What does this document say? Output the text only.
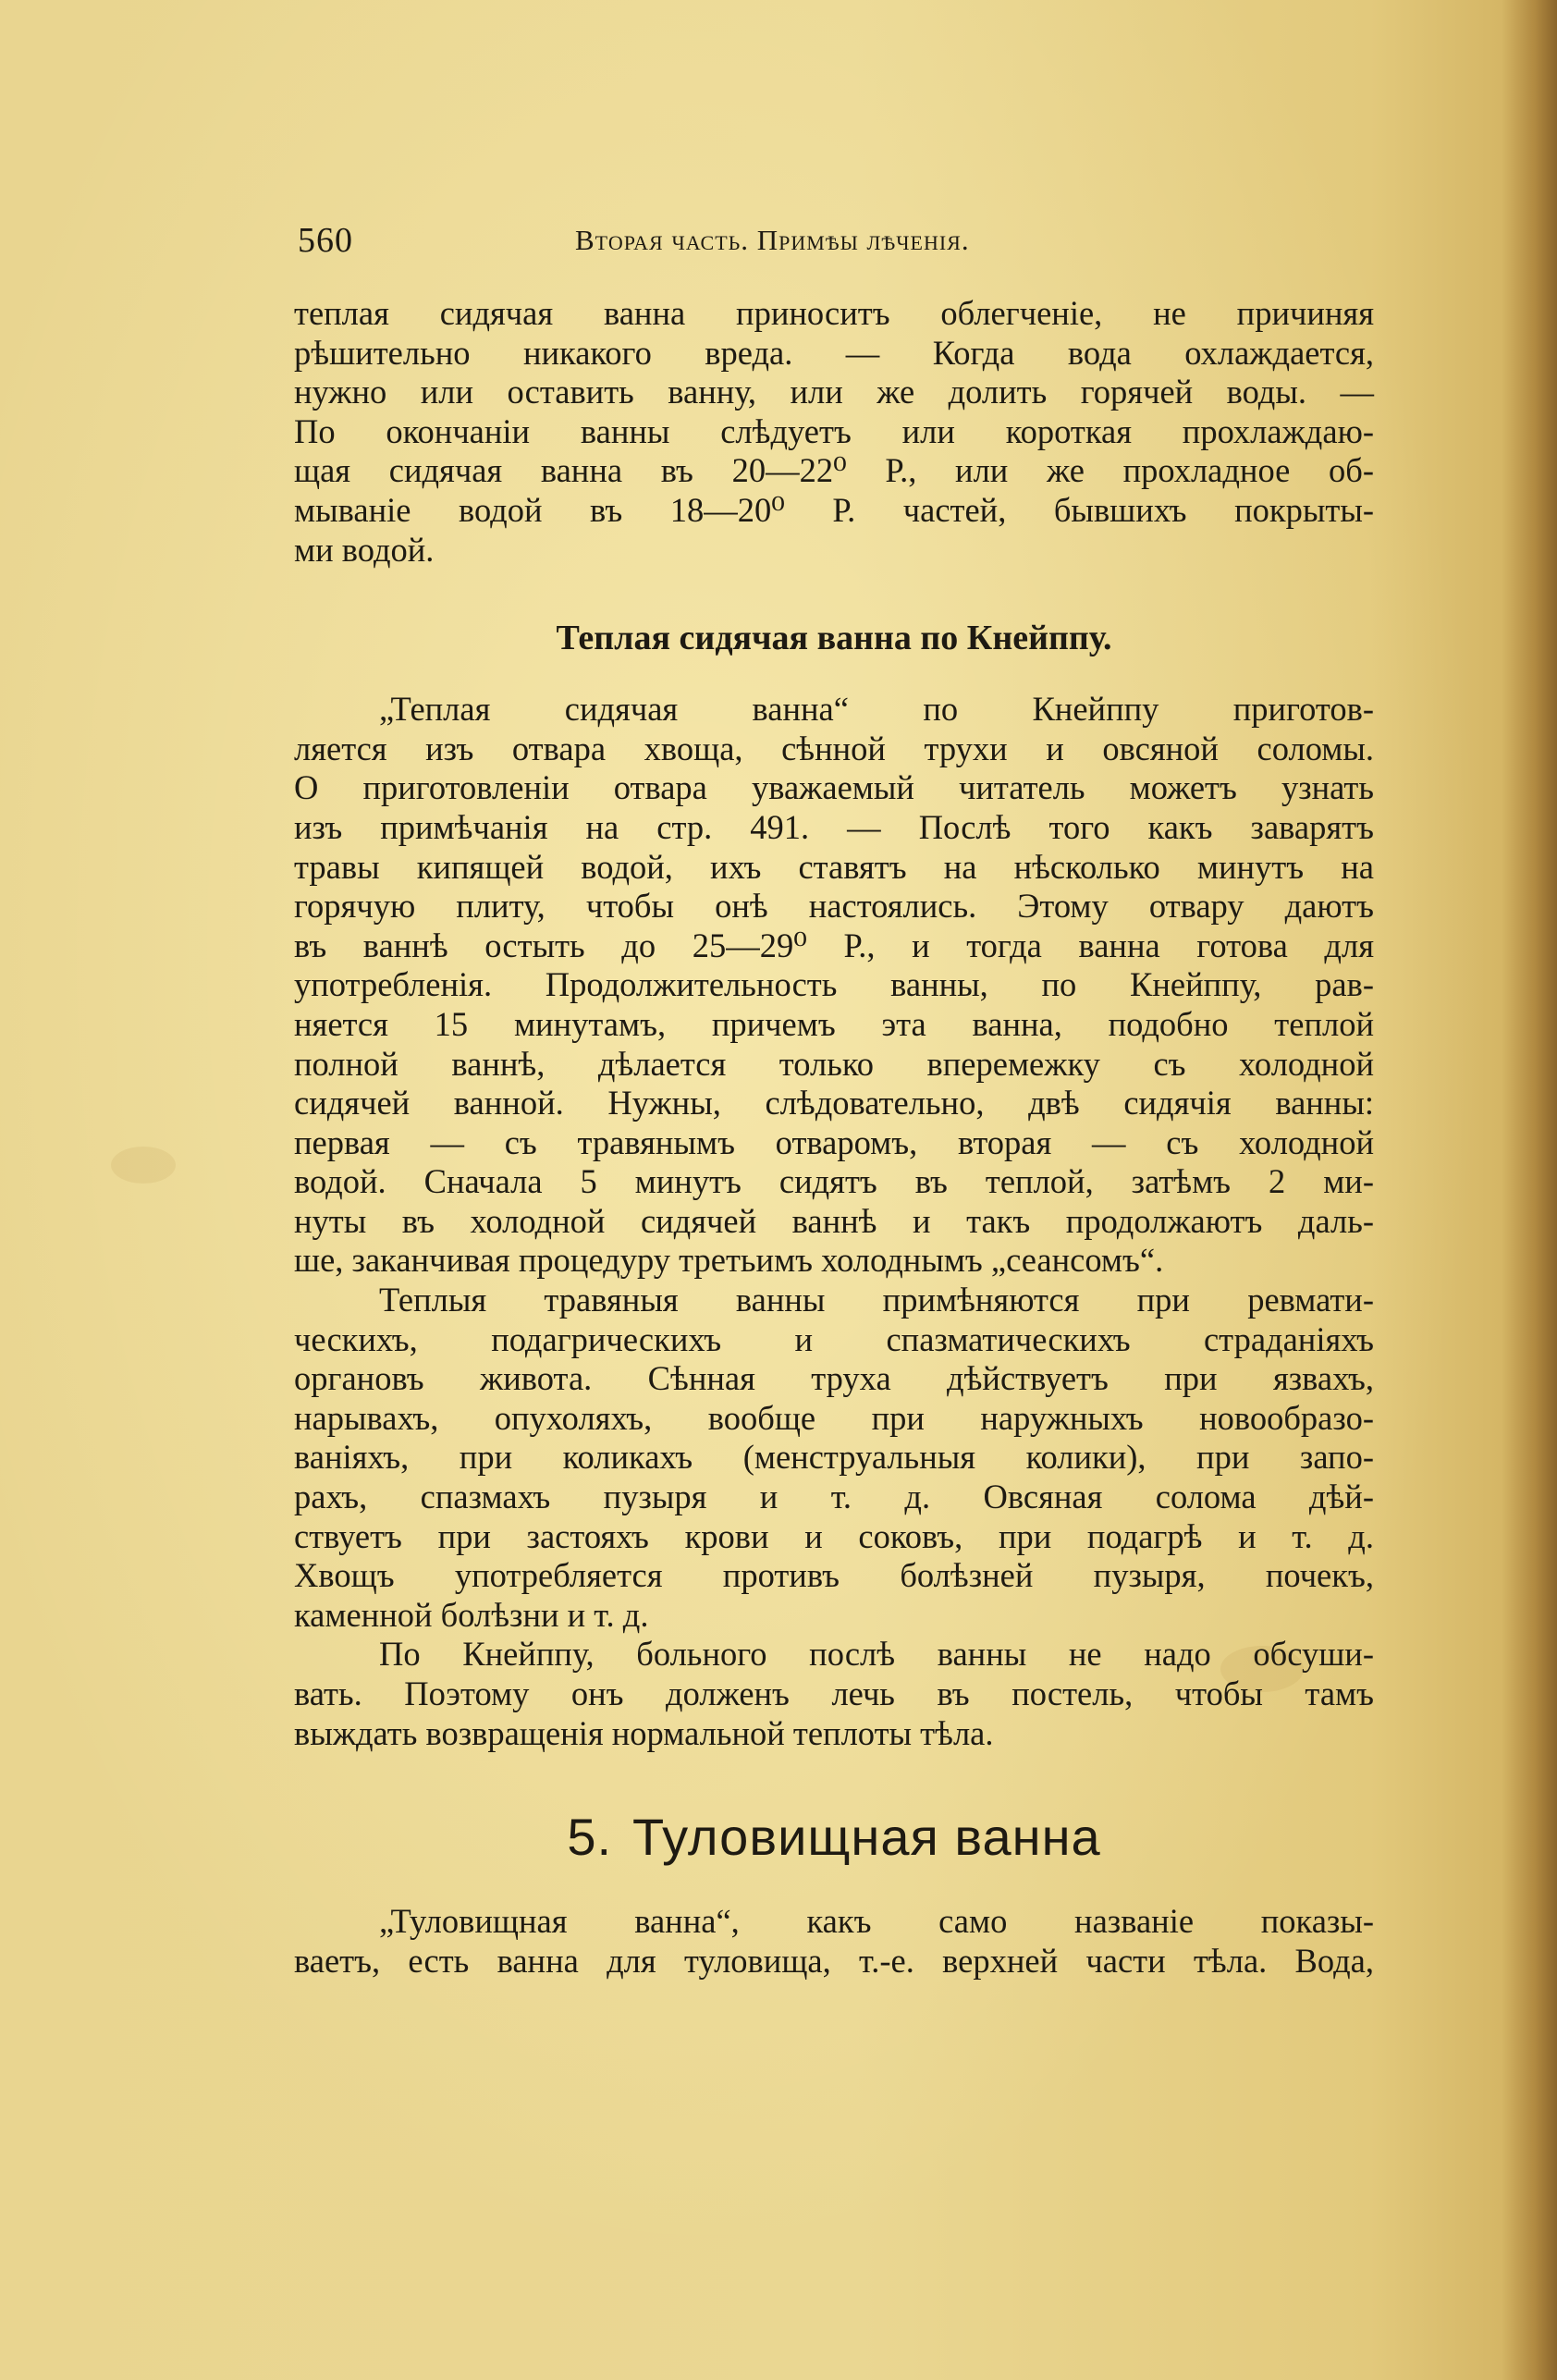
560	Вторая часть. Примѣы лѣченія.

теплая сидячая ванна приноситъ облегченіе, не причиняя
рѣшительно никакого вреда. — Когда вода охлаждается,
нужно или оставить ванну, или же долить горячей воды. —
По окончаніи ванны слѣдуетъ или короткая прохлаждаю-
щая сидячая ванна въ 20—22⁰ Р., или же прохладное об-
мываніе водой въ 18—20⁰ Р. частей, бывшихъ покрыты-
ми водой.

Теплая сидячая ванна по Кнейппу.

„Теплая сидячая ванна“ по Кнейппу приготов-
ляется изъ отвара хвоща, сѣнной трухи и овсяной соломы.
О приготовленіи отвара уважаемый читатель можетъ узнать
изъ примѣчанія на стр. 491. — Послѣ того какъ заварятъ
травы кипящей водой, ихъ ставятъ на нѣсколько минутъ на
горячую плиту, чтобы онѣ настоялись. Этому отвару даютъ
въ ваннѣ остыть до 25—29⁰ Р., и тогда ванна готова для
употребленія. Продолжительность ванны, по Кнейппу, рав-
няется 15 минутамъ, причемъ эта ванна, подобно теплой
полной ваннѣ, дѣлается только вперемежку съ холодной
сидячей ванной. Нужны, слѣдовательно, двѣ сидячія ванны:
первая — съ травянымъ отваромъ, вторая — съ холодной
водой. Сначала 5 минутъ сидятъ въ теплой, затѣмъ 2 ми-
нуты въ холодной сидячей ваннѣ и такъ продолжаютъ даль-
ше, заканчивая процедуру третьимъ холоднымъ „сеансомъ“.

Теплыя травяныя ванны примѣняются при ревмати-
ческихъ, подагрическихъ и спазматическихъ страданіяхъ
органовъ живота. Сѣнная труха дѣйствуетъ при язвахъ,
нарывахъ, опухоляхъ, вообще при наружныхъ новообразо-
ваніяхъ, при коликахъ (менструальныя колики), при запо-
рахъ, спазмахъ пузыря и т. д. Овсяная солома дѣй-
ствуетъ при застояхъ крови и соковъ, при подагрѣ и т. д.
Хвощъ употребляется противъ болѣзней пузыря, почекъ,
каменной болѣзни и т. д.

По Кнейппу, больного послѣ ванны не надо обсуши-
вать. Поэтому онъ долженъ лечь въ постель, чтобы тамъ
выждать возвращенія нормальной теплоты тѣла.

5. Туловищная ванна

„Туловищная ванна“, какъ само названіе показы-
ваетъ, есть ванна для туловища, т.-е. верхней части тѣла. Вода,
